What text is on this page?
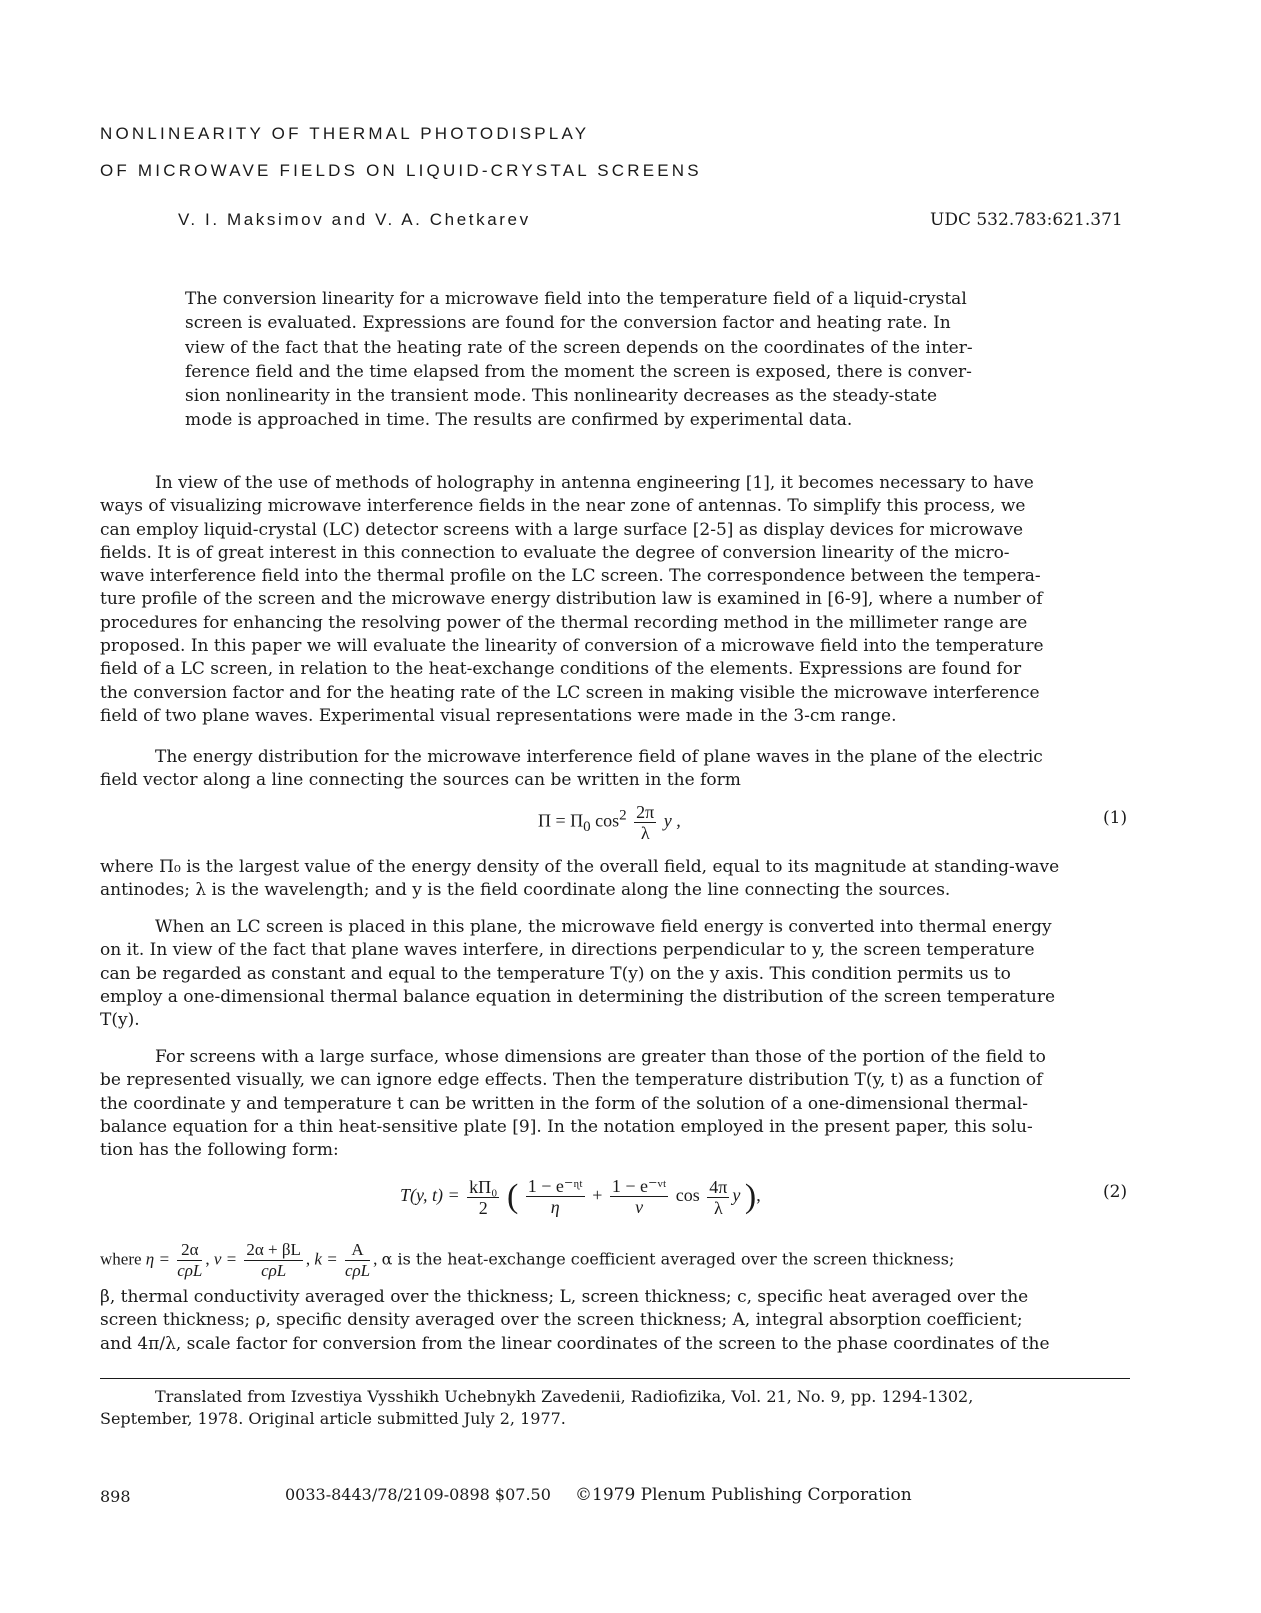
NONLINEARITY OF THERMAL PHOTODISPLAY
OF MICROWAVE FIELDS ON LIQUID-CRYSTAL SCREENS
V. I. Maksimov and V. A. Chetkarev	UDC 532.783:621.371
The conversion linearity for a microwave field into the temperature field of a liquid-crystal
screen is evaluated. Expressions are found for the conversion factor and heating rate. In
view of the fact that the heating rate of the screen depends on the coordinates of the inter-
ference field and the time elapsed from the moment the screen is exposed, there is conver-
sion nonlinearity in the transient mode. This nonlinearity decreases as the steady-state
mode is approached in time. The results are confirmed by experimental data.
In view of the use of methods of holography in antenna engineering [1], it becomes necessary to have
ways of visualizing microwave interference fields in the near zone of antennas. To simplify this process, we
can employ liquid-crystal (LC) detector screens with a large surface [2-5] as display devices for microwave
fields. It is of great interest in this connection to evaluate the degree of conversion linearity of the micro-
wave interference field into the thermal profile on the LC screen. The correspondence between the tempera-
ture profile of the screen and the microwave energy distribution law is examined in [6-9], where a number of
procedures for enhancing the resolving power of the thermal recording method in the millimeter range are
proposed. In this paper we will evaluate the linearity of conversion of a microwave field into the temperature
field of a LC screen, in relation to the heat-exchange conditions of the elements. Expressions are found for
the conversion factor and for the heating rate of the LC screen in making visible the microwave interference
field of two plane waves. Experimental visual representations were made in the 3-cm range.
The energy distribution for the microwave interference field of plane waves in the plane of the electric
field vector along a line connecting the sources can be written in the form
$\Pi = \Pi_0$ $\cos^2 \frac{2\pi}{\lambda}$ y ,	(1)
where Π₀ is the largest value of the energy density of the overall field, equal to its magnitude at standing-wave
antinodes; λ is the wavelength; and y is the field coordinate along the line connecting the sources.
When an LC screen is placed in this plane, the microwave field energy is converted into thermal energy
on it. In view of the fact that plane waves interfere, in directions perpendicular to y, the screen temperature
can be regarded as constant and equal to the temperature T(y) on the y axis. This condition permits us to
employ a one-dimensional thermal balance equation in determining the distribution of the screen temperature
T(y).
For screens with a large surface, whose dimensions are greater than those of the portion of the field to
be represented visually, we can ignore edge effects. Then the temperature distribution T(y, t) as a function of
the coordinate y and temperature t can be written in the form of the solution of a one-dimensional thermal-
balance equation for a thin heat-sensitive plate [9]. In the notation employed in the present paper, this solu-
tion has the following form:
T(y, $t) = \frac{\text{kΠ₀}}{2}$ ( $\frac{\text{1 − e⁻ᶯᵗ}}{\eta} + \frac{\text{1 − e⁻ᵛᵗ}}{v}$ $\cos \frac{4\pi}{\lambda}$ y ),	(2)
where $\eta = \frac{2\alpha}{\text{cρL}}$ , $v = \frac{2\alpha + \beta L}{\text{cρL}}$ , $k = \frac{A}{\text{cρL}}$ , α is the heat-exchange coefficient averaged over the screen thickness;
β, thermal conductivity averaged over the thickness; L, screen thickness; c, specific heat averaged over the
screen thickness; ρ, specific density averaged over the screen thickness; A, integral absorption coefficient;
and 4π/λ, scale factor for conversion from the linear coordinates of the screen to the phase coordinates of the
Translated from Izvestiya Vysshikh Uchebnykh Zavedenii, Radiofizika, Vol. 21, No. 9, pp. 1294-1302,
September, 1978. Original article submitted July 2, 1977.
898	0033-8443/78/2109-0898 $07.50 ©1979 Plenum Publishing Corporation
